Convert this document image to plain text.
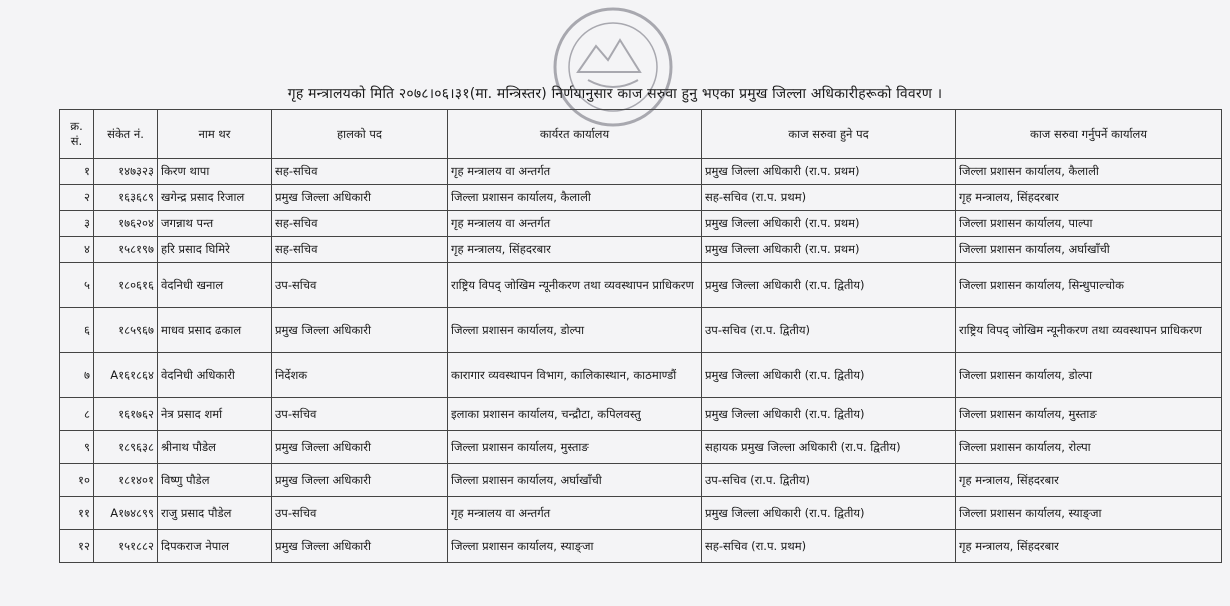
गृह मन्त्रालयको मिति २०७८।०६।३१(मा. मन्त्रिस्तर) निर्णयानुसार काज सरुवा हुनु भएका प्रमुख जिल्ला अधिकारीहरूको विवरण ।
क्र. सं.	संकेत नं.	नाम थर	हालको पद	कार्यरत कार्यालय	काज सरुवा हुने पद	काज सरुवा गर्नुपर्ने कार्यालय
१	१४७३२३	किरण थापा	सह-सचिव	गृह मन्त्रालय वा अन्तर्गत	प्रमुख जिल्ला अधिकारी (रा.प. प्रथम)	जिल्ला प्रशासन कार्यालय, कैलाली
२	१६३६८९	खगेन्द्र प्रसाद रिजाल	प्रमुख जिल्ला अधिकारी	जिल्ला प्रशासन कार्यालय, कैलाली	सह-सचिव (रा.प. प्रथम)	गृह मन्त्रालय, सिंहदरबार
३	१७६२०४	जगन्नाथ पन्त	सह-सचिव	गृह मन्त्रालय वा अन्तर्गत	प्रमुख जिल्ला अधिकारी (रा.प. प्रथम)	जिल्ला प्रशासन कार्यालय, पाल्पा
४	१५८१९७	हरि प्रसाद घिमिरे	सह-सचिव	गृह मन्त्रालय, सिंहदरबार	प्रमुख जिल्ला अधिकारी (रा.प. प्रथम)	जिल्ला प्रशासन कार्यालय, अर्घाखाँची
५	१८०६१६	वेदनिधी खनाल	उप-सचिव	राष्ट्रिय विपद् जोखिम न्यूनीकरण तथा व्यवस्थापन प्राधिकरण	प्रमुख जिल्ला अधिकारी (रा.प. द्वितीय)	जिल्ला प्रशासन कार्यालय, सिन्धुपाल्चोक
६	१८५९६७	माधव प्रसाद ढकाल	प्रमुख जिल्ला अधिकारी	जिल्ला प्रशासन कार्यालय, डोल्पा	उप-सचिव (रा.प. द्वितीय)	राष्ट्रिय विपद् जोखिम न्यूनीकरण तथा व्यवस्थापन प्राधिकरण
७	A१६१८६४	वेदनिधी अधिकारी	निर्देशक	कारागार व्यवस्थापन विभाग, कालिकास्थान, काठमाण्डौं	प्रमुख जिल्ला अधिकारी (रा.प. द्वितीय)	जिल्ला प्रशासन कार्यालय, डोल्पा
८	१६१७६२	नेत्र प्रसाद शर्मा	उप-सचिव	इलाका प्रशासन कार्यालय, चन्द्रौटा, कपिलवस्तु	प्रमुख जिल्ला अधिकारी (रा.प. द्वितीय)	जिल्ला प्रशासन कार्यालय, मुस्ताङ
९	१८९६३८	श्रीनाथ पौडेल	प्रमुख जिल्ला अधिकारी	जिल्ला प्रशासन कार्यालय, मुस्ताङ	सहायक प्रमुख जिल्ला अधिकारी (रा.प. द्वितीय)	जिल्ला प्रशासन कार्यालय, रोल्पा
१०	१८१४०१	विष्णु पौडेल	प्रमुख जिल्ला अधिकारी	जिल्ला प्रशासन कार्यालय, अर्घाखाँची	उप-सचिव (रा.प. द्वितीय)	गृह मन्त्रालय, सिंहदरबार
११	A१७४८९९	राजु प्रसाद पौडेल	उप-सचिव	गृह मन्त्रालय वा अन्तर्गत	प्रमुख जिल्ला अधिकारी (रा.प. द्वितीय)	जिल्ला प्रशासन कार्यालय, स्याङ्जा
१२	१५१८८२	दिपकराज नेपाल	प्रमुख जिल्ला अधिकारी	जिल्ला प्रशासन कार्यालय, स्याङ्जा	सह-सचिव (रा.प. प्रथम)	गृह मन्त्रालय, सिंहदरबार
